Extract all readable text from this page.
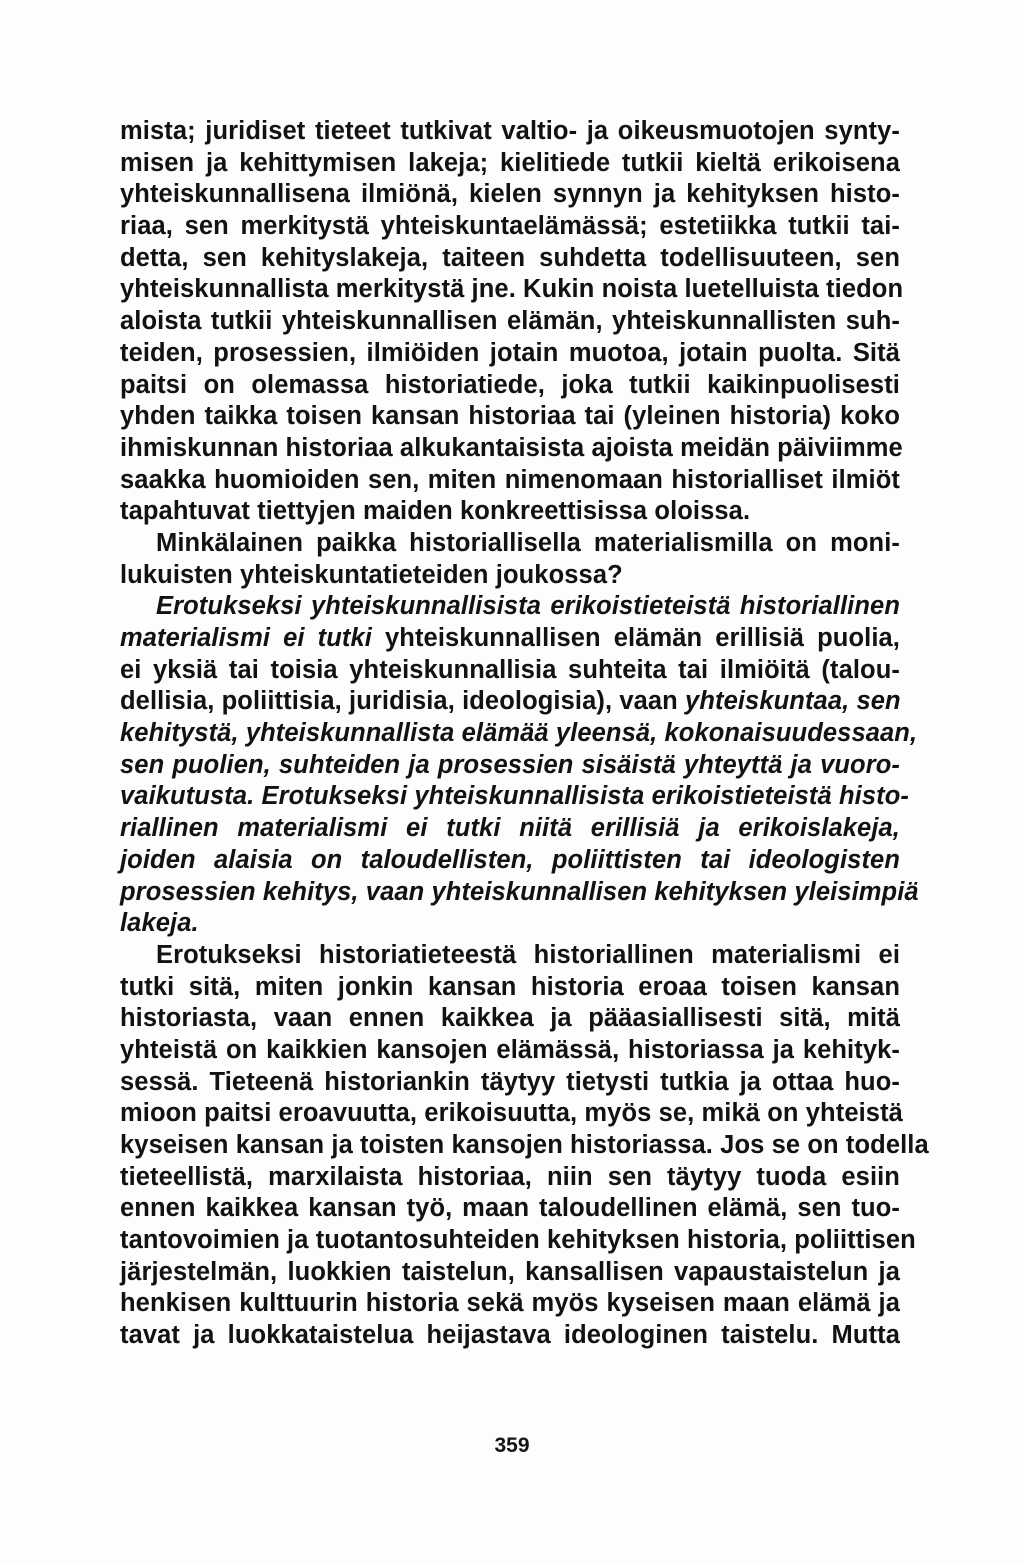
mista; juridiset tieteet tutkivat valtio- ja oikeusmuotojen synty-
misen ja kehittymisen lakeja; kielitiede tutkii kieltä erikoisena
yhteiskunnallisena ilmiönä, kielen synnyn ja kehityksen histo-
riaa, sen merkitystä yhteiskuntaelämässä; estetiikka tutkii tai-
detta, sen kehityslakeja, taiteen suhdetta todellisuuteen, sen
yhteiskunnallista merkitystä jne. Kukin noista luetelluista tiedon
aloista tutkii yhteiskunnallisen elämän, yhteiskunnallisten suh-
teiden, prosessien, ilmiöiden jotain muotoa, jotain puolta. Sitä
paitsi on olemassa historiatiede, joka tutkii kaikinpuolisesti
yhden taikka toisen kansan historiaa tai (yleinen historia) koko
ihmiskunnan historiaa alkukantaisista ajoista meidän päiviimme
saakka huomioiden sen, miten nimenomaan historialliset ilmiöt
tapahtuvat tiettyjen maiden konkreettisissa oloissa.
Minkälainen paikka historiallisella materialismilla on moni-
lukuisten yhteiskuntatieteiden joukossa?
Erotukseksi yhteiskunnallisista erikoistieteistä historiallinen
materialismi ei tutki yhteiskunnallisen elämän erillisiä puolia,
ei yksiä tai toisia yhteiskunnallisia suhteita tai ilmiöitä (talou-
dellisia, poliittisia, juridisia, ideologisia), vaan yhteiskuntaa, sen
kehitystä, yhteiskunnallista elämää yleensä, kokonaisuudessaan,
sen puolien, suhteiden ja prosessien sisäistä yhteyttä ja vuoro-
vaikutusta. Erotukseksi yhteiskunnallisista erikoistieteistä histo-
riallinen materialismi ei tutki niitä erillisiä ja erikoislakeja,
joiden alaisia on taloudellisten, poliittisten tai ideologisten
prosessien kehitys, vaan yhteiskunnallisen kehityksen yleisimpiä
lakeja.
Erotukseksi historiatieteestä historiallinen materialismi ei
tutki sitä, miten jonkin kansan historia eroaa toisen kansan
historiasta, vaan ennen kaikkea ja pääasiallisesti sitä, mitä
yhteistä on kaikkien kansojen elämässä, historiassa ja kehityk-
sessä. Tieteenä historiankin täytyy tietysti tutkia ja ottaa huo-
mioon paitsi eroavuutta, erikoisuutta, myös se, mikä on yhteistä
kyseisen kansan ja toisten kansojen historiassa. Jos se on todella
tieteellistä, marxilaista historiaa, niin sen täytyy tuoda esiin
ennen kaikkea kansan työ, maan taloudellinen elämä, sen tuo-
tantovoimien ja tuotantosuhteiden kehityksen historia, poliittisen
järjestelmän, luokkien taistelun, kansallisen vapaustaistelun ja
henkisen kulttuurin historia sekä myös kyseisen maan elämä ja
tavat ja luokkataistelua heijastava ideologinen taistelu. Mutta
359
